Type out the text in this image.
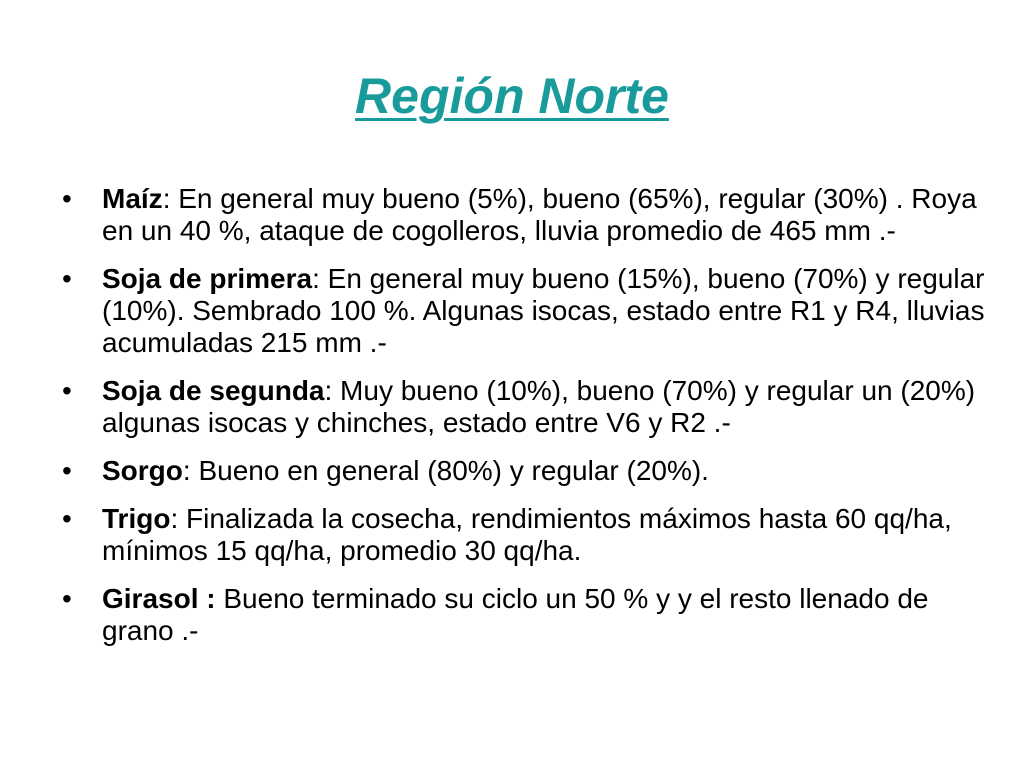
Región Norte
•	Maíz: En general muy bueno (5%), bueno (65%), regular (30%) . Roya en un 40 %, ataque de cogolleros, lluvia promedio de 465 mm .-
•	Soja de primera: En general muy bueno (15%), bueno (70%) y regular (10%). Sembrado 100 %. Algunas isocas, estado entre R1 y R4, lluvias acumuladas 215 mm .-
•	Soja de segunda: Muy bueno (10%), bueno (70%) y regular un (20%) algunas isocas y chinches, estado entre V6 y R2 .-
•	Sorgo: Bueno en general (80%) y regular (20%).
•	Trigo: Finalizada la cosecha, rendimientos máximos hasta 60 qq/ha, mínimos 15 qq/ha, promedio 30 qq/ha.
•	Girasol : Bueno terminado su ciclo un 50 % y y el resto llenado de grano .-
